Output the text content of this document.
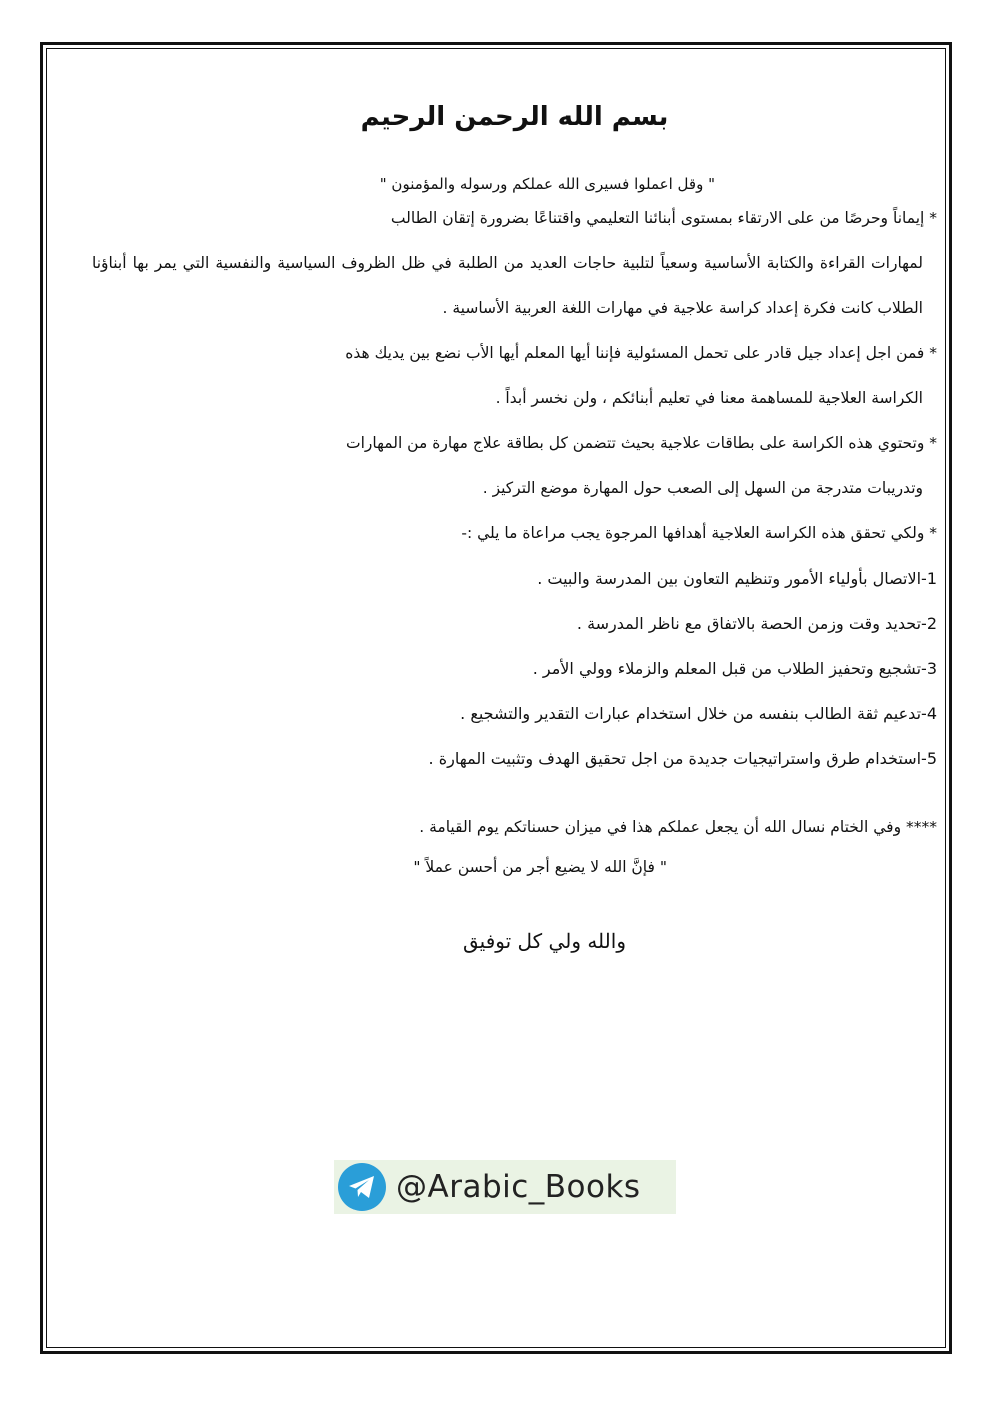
بسم الله الرحمن الرحيم
" وقل اعملوا فسيرى الله عملكم ورسوله والمؤمنون "
* إيماناً وحرصًا من على الارتقاء بمستوى أبنائنا التعليمي واقتناعًا بضرورة إتقان الطالب
لمهارات القراءة والكتابة الأساسية وسعياً لتلبية حاجات العديد من الطلبة في ظل الظروف السياسية والنفسية التي يمر بها أبناؤنا الطلاب كانت فكرة إعداد كراسة علاجية في مهارات اللغة العربية الأساسية .
* فمن اجل إعداد جيل قادر على تحمل المسئولية فإننا أيها المعلم أيها الأب نضع بين يديك هذه
الكراسة العلاجية للمساهمة معنا في تعليم أبنائكم ، ولن نخسر أبداً .
* وتحتوي هذه الكراسة على بطاقات علاجية بحيث تتضمن كل بطاقة علاج مهارة من المهارات
وتدريبات متدرجة من السهل إلى الصعب حول المهارة موضع التركيز .
* ولكي تحقق هذه الكراسة العلاجية أهدافها المرجوة يجب مراعاة ما يلي :-
1-الاتصال بأولياء الأمور وتنظيم التعاون بين المدرسة والبيت .
2-تحديد وقت وزمن الحصة بالاتفاق مع ناظر المدرسة .
3-تشجيع وتحفيز الطلاب من قبل المعلم والزملاء وولي الأمر .
4-تدعيم ثقة الطالب بنفسه من خلال استخدام عبارات التقدير والتشجيع .
5-استخدام طرق واستراتيجيات جديدة من اجل تحقيق الهدف وتثبيت المهارة .
**** وفي الختام نسال الله أن يجعل عملكم هذا في ميزان حسناتكم يوم القيامة .
" فإنَّ الله لا يضيع أجر من أحسن عملاً "
والله ولي كل توفيق
@Arabic_Books
